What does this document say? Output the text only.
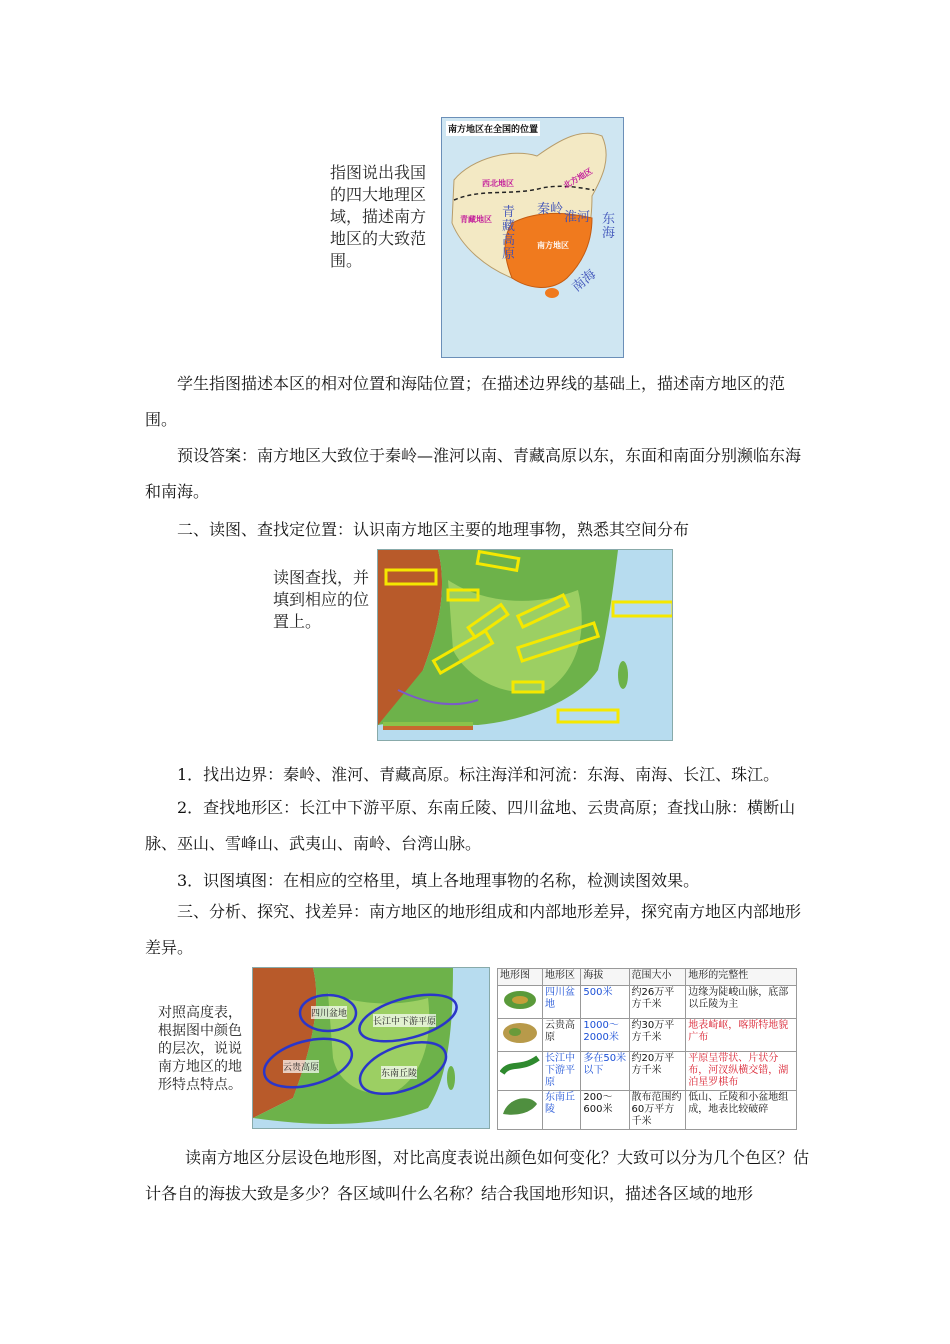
指图说出我国的四大地理区域，描述南方地区的大致范围。
南方地区在全国的位置
西北地区
青藏地区
北方地区
南方地区
秦岭
淮河
青藏高原
东海
南海
学生指图描述本区的相对位置和海陆位置；在描述边界线的基础上，描述南方地区的范围。
预设答案：南方地区大致位于秦岭—淮河以南、青藏高原以东，东面和南面分别濒临东海和南海。
二、读图、查找定位置：认识南方地区主要的地理事物，熟悉其空间分布
读图查找，并填到相应的位置上。
1．找出边界：秦岭、淮河、青藏高原。标注海洋和河流：东海、南海、长江、珠江。
2．查找地形区：长江中下游平原、东南丘陵、四川盆地、云贵高原；查找山脉：横断山脉、巫山、雪峰山、武夷山、南岭、台湾山脉。
3．识图填图：在相应的空格里，填上各地理事物的名称，检测读图效果。
三、分析、探究、找差异：南方地区的地形组成和内部地形差异，探究南方地区内部地形差异。
对照高度表，根据图中颜色的层次，说说南方地区的地形特点特点。
四川盆地
长江中下游平原
云贵高原
东南丘陵
地形图	地形区	海拔	范围大小	地形的完整性
	四川盆地	500米	约26万平方千米	边缘为陡峻山脉，底部以丘陵为主
	云贵高原	1000～2000米	约30万平方千米	地表崎岖，喀斯特地貌广布
	长江中下游平原	多在50米以下	约20万平方千米	平原呈带状、片状分布，河汊纵横交错，湖泊星罗棋布
	东南丘陵	200～600米	散布范围约60万平方千米	低山、丘陵和小盆地组成，地表比较破碎
读南方地区分层设色地形图，对比高度表说出颜色如何变化？大致可以分为几个色区？估计各自的海拔大致是多少？各区域叫什么名称？结合我国地形知识，描述各区域的地形
